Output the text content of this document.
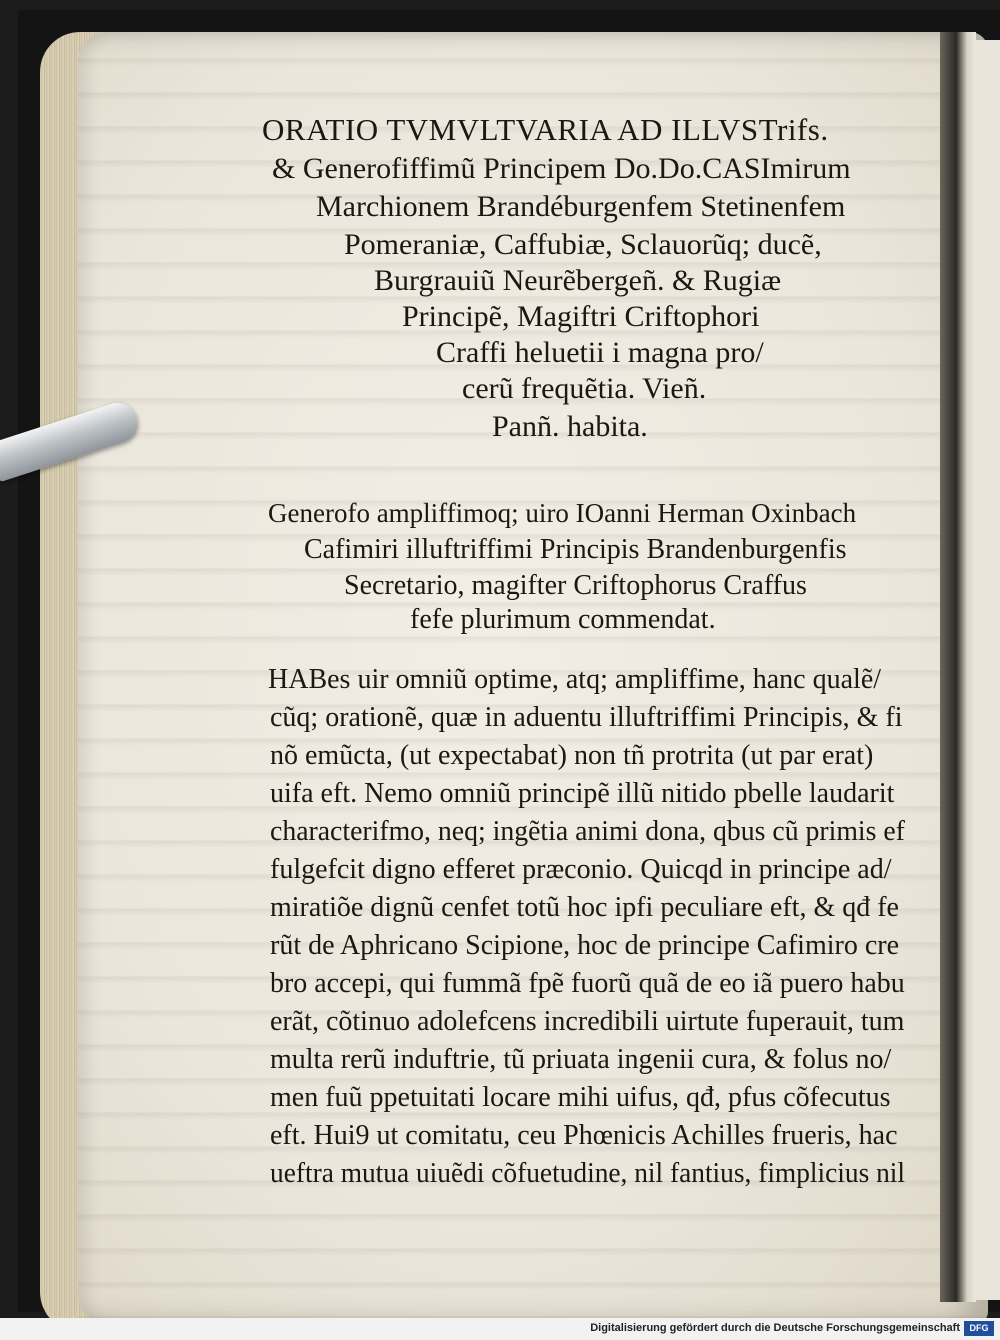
ORATIO TVMVLTVARIA AD ILLVSTrifs.
& Generofiffimũ Principem Do.Do.CASImirum
Marchionem Brandéburgenfem Stetinenfem
Pomeraniæ, Caffubiæ, Sclauorũq; ducẽ,
Burgrauiũ Neurẽbergeñ. & Rugiæ
Principẽ, Magiftri Criftophori
Craffi heluetii i magna pro/
cerũ frequẽtia. Vieñ.
Panñ. habita.
Generofo ampliffimoq; uiro IOanni Herman Oxinbach
Cafimiri illuftriffimi Principis Brandenburgenfis
Secretario, magifter Criftophorus Craffus
fefe plurimum commendat.
HABes uir omniũ optime, atq; ampliffime, hanc qualẽ/
cũq; orationẽ, quæ in aduentu illuftriffimi Principis, & fi
nõ emũcta, (ut expectabat) non tñ protrita (ut par erat)
uifa eft. Nemo omniũ principẽ illũ nitido pbelle laudarit
characterifmo, neq; ingẽtia animi dona, qbus cũ primis ef
fulgefcit digno efferet præconio. Quicqd in principe ad/
miratiõe dignũ cenfet totũ hoc ipfi peculiare eft, & qđ fe
rũt de Aphricano Scipione, hoc de principe Cafimiro cre
bro accepi, qui fummã fpẽ fuorũ quã de eo iã puero habu
erãt, cõtinuo adolefcens incredibili uirtute fuperauit, tum
multa rerũ induftrie, tũ priuata ingenii cura, & folus no/
men fuũ ppetuitati locare mihi uifus, qđ, pfus cõfecutus
eft. Hui9 ut comitatu, ceu Phœnicis Achilles frueris, hac
ueftra mutua uiuẽdi cõfuetudine, nil fantius, fimplicius nil
Digitalisierung gefördert durch die Deutsche Forschungsgemeinschaft	DFG
